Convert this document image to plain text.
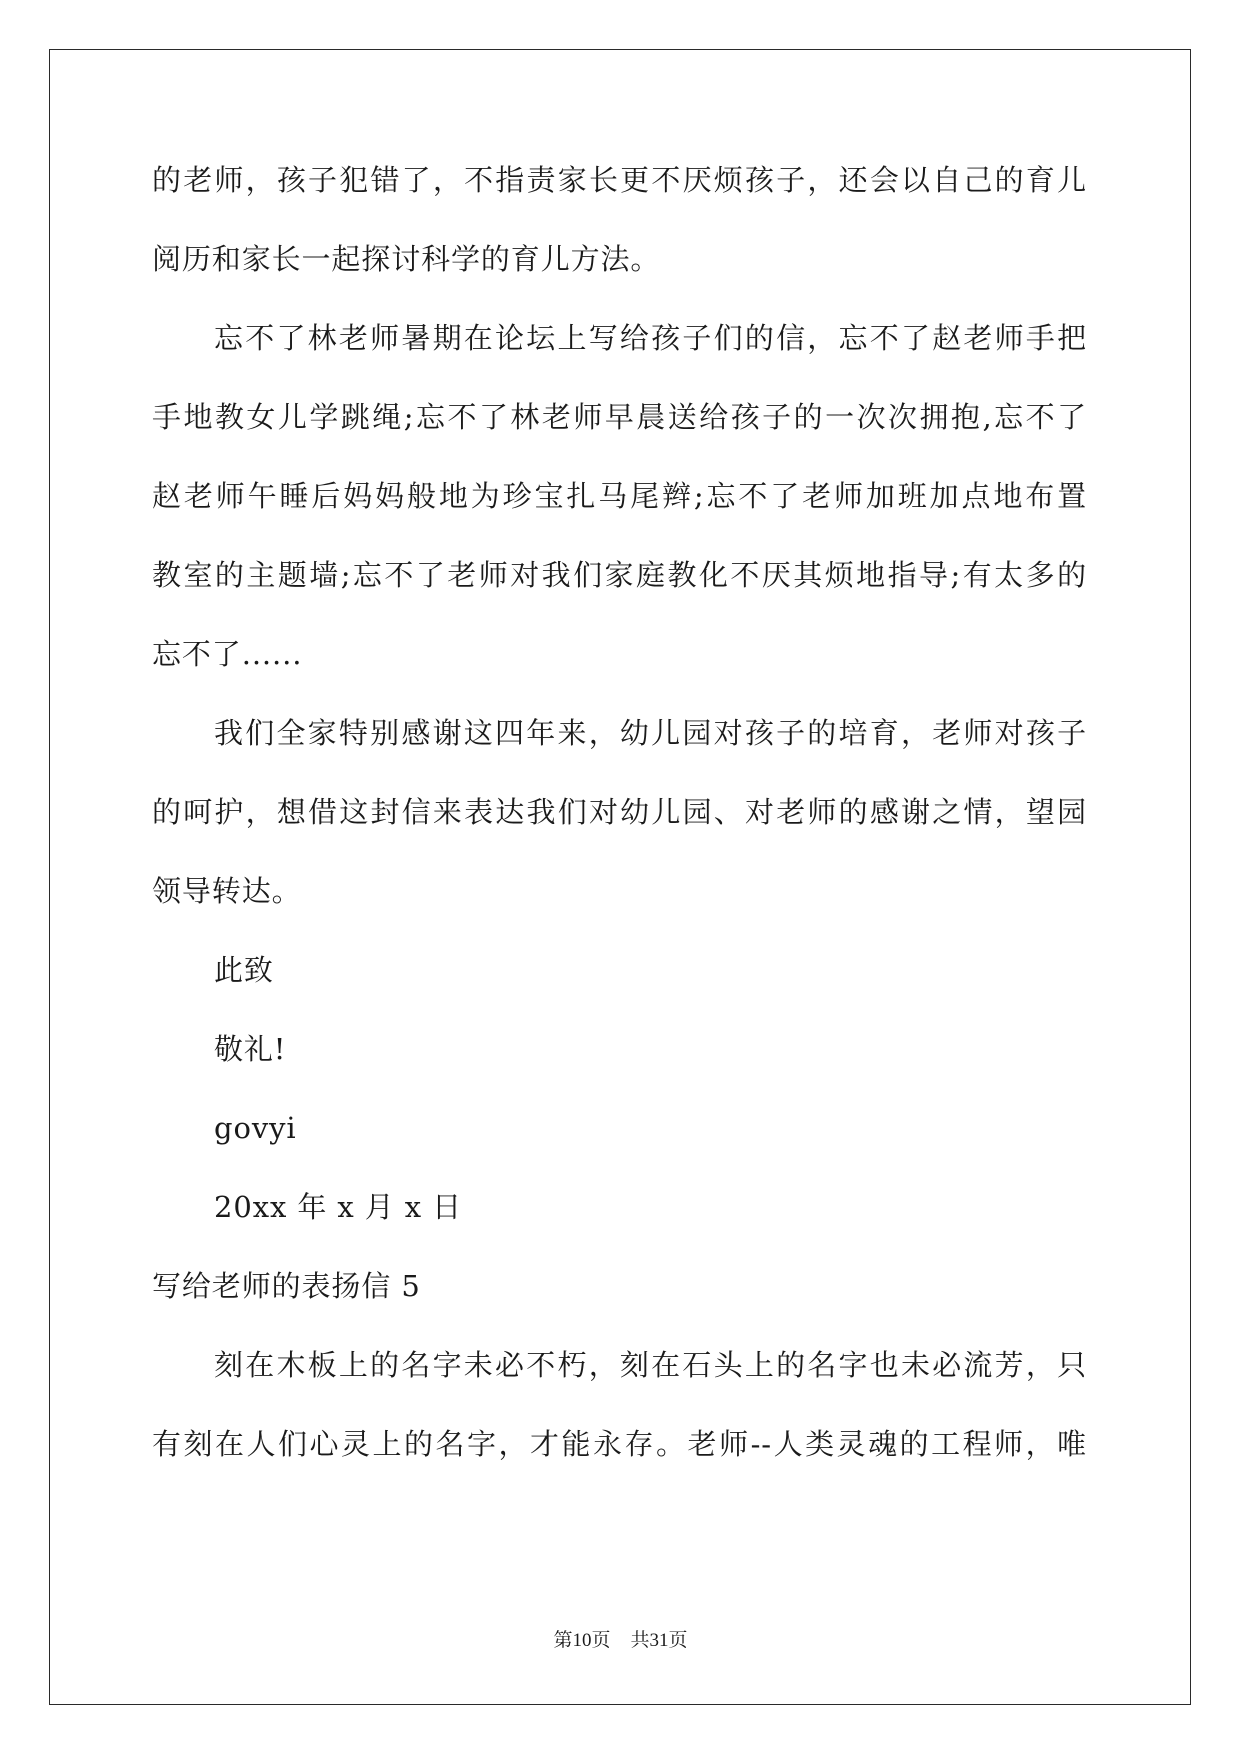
的老师，孩子犯错了，不指责家长更不厌烦孩子，还会以自己的育儿
阅历和家长一起探讨科学的育儿方法。
忘不了林老师暑期在论坛上写给孩子们的信，忘不了赵老师手把
手地教女儿学跳绳;忘不了林老师早晨送给孩子的一次次拥抱,忘不了
赵老师午睡后妈妈般地为珍宝扎马尾辫;忘不了老师加班加点地布置
教室的主题墙;忘不了老师对我们家庭教化不厌其烦地指导;有太多的
忘不了......
我们全家特别感谢这四年来，幼儿园对孩子的培育，老师对孩子
的呵护，想借这封信来表达我们对幼儿园、对老师的感谢之情，望园
领导转达。
此致
敬礼!
govyi
20xx 年 x 月 x 日
写给老师的表扬信 5
刻在木板上的名字未必不朽，刻在石头上的名字也未必流芳，只
有刻在人们心灵上的名字，才能永存。老师--人类灵魂的工程师，唯
第10页 共31页
